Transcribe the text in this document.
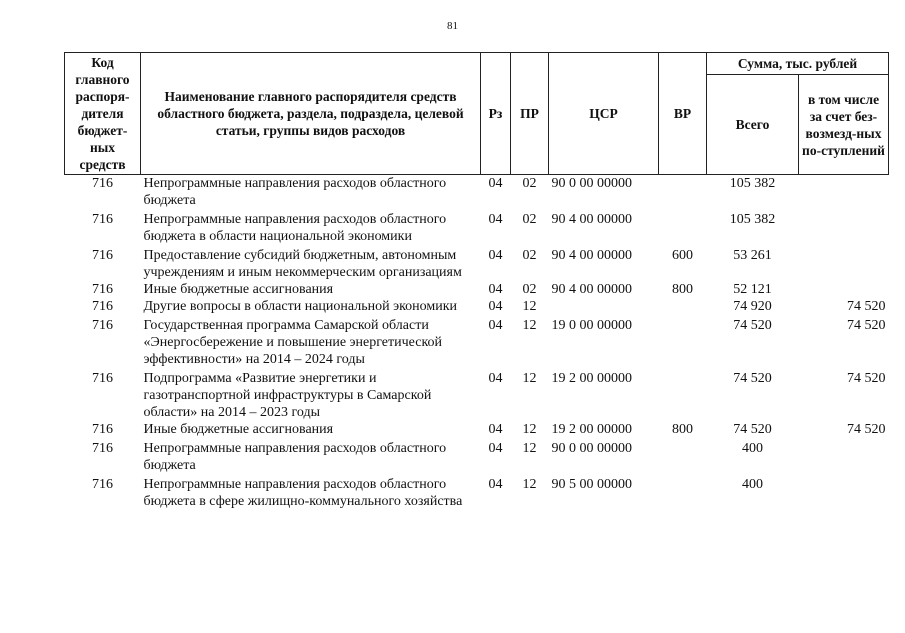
81
Код главного распоря-дителя бюджет-ных средств	Наименование главного распорядителя средств областного бюджета, раздела, подраздела, целевой статьи, группы видов расходов	Рз	ПР	ЦСР	ВР	Сумма, тыс. рублей	
						Всего	в том числе за счет без-возмезд-ных по-ступлений
716	Непрограммные направления расходов областного бюджета	04	02	90 0 00 00000		105 382	
716	Непрограммные направления расходов областного бюджета в области национальной экономики	04	02	90 4 00 00000		105 382	
716	Предоставление субсидий бюджетным, автономным учреждениям и иным некоммерческим организациям	04	02	90 4 00 00000	600	53 261	
716	Иные бюджетные ассигнования	04	02	90 4 00 00000	800	52 121	
716	Другие вопросы в области национальной экономики	04	12			74 920	74 520
716	Государственная программа Самарской области «Энергосбережение и повышение энергетической эффективности» на 2014 – 2024 годы	04	12	19 0 00 00000		74 520	74 520
716	Подпрограмма «Развитие энергетики и газотранспортной инфраструктуры в Самарской области» на 2014 – 2023 годы	04	12	19 2 00 00000		74 520	74 520
716	Иные бюджетные ассигнования	04	12	19 2 00 00000	800	74 520	74 520
716	Непрограммные направления расходов областного бюджета	04	12	90 0 00 00000		400	
716	Непрограммные направления расходов областного бюджета в сфере жилищно-коммунального хозяйства	04	12	90 5 00 00000		400	
